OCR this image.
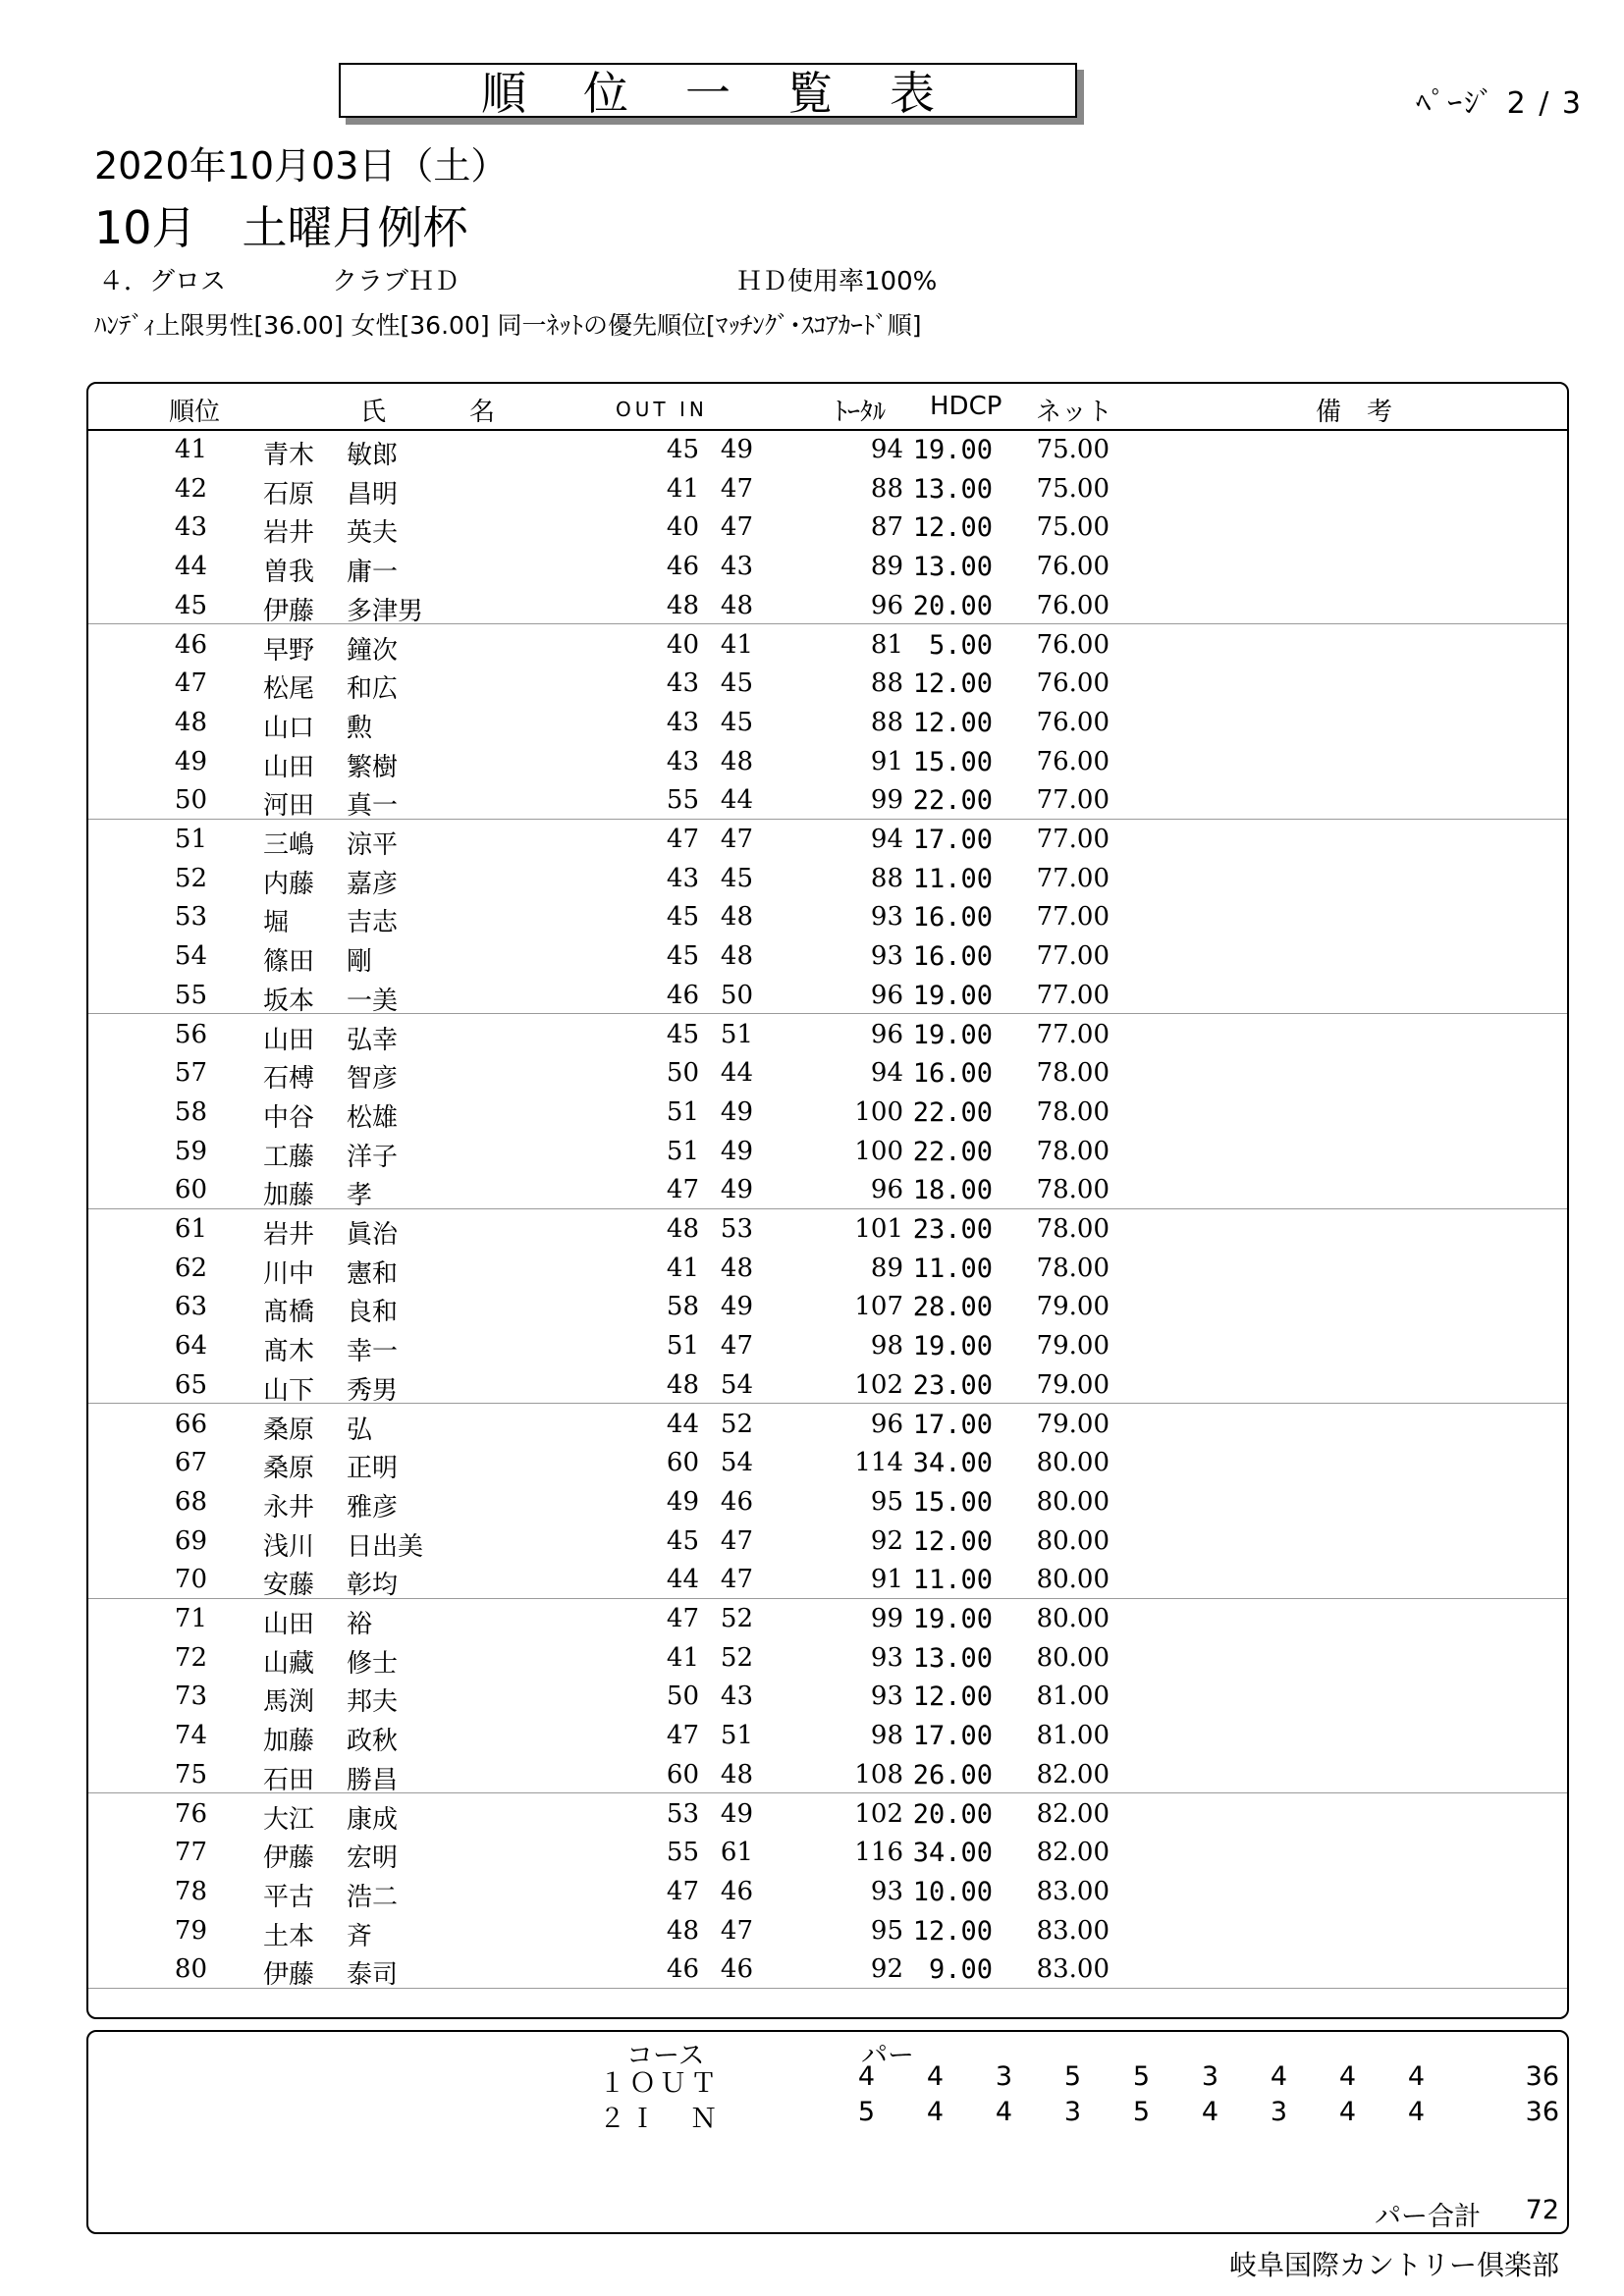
順位一覧表	ﾍﾟｰｼﾞ 2 / 3
2020年10月03日（土）
10月　土曜月例杯
４．グロス	クラブＨＤ	ＨＤ使用率100%
ﾊﾝﾃﾞｨ上限男性[36.00] 女性[36.00] 同一ﾈｯﾄの優先順位[ﾏｯﾁﾝｸﾞ･ｽｺｱｶｰﾄﾞ順]
順位	氏	名	OUT IN	ﾄｰﾀﾙ HDCP ネット	備　考
41 青木 敏郎	45 49	94 19.00 75.00
42 石原 昌明	41 47	88 13.00 75.00
43 岩井 英夫	40 47	87 12.00 75.00
44 曽我 庸一	46 43	89 13.00 76.00
45 伊藤 多津男	48 48	96 20.00 76.00
46 早野 鐘次	40 41	81 5.00 76.00
47 松尾 和広	43 45	88 12.00 76.00
48 山口 勲	43 45	88 12.00 76.00
49 山田 繁樹	43 48	91 15.00 76.00
50 河田 真一	55 44	99 22.00 77.00
51 三嶋 涼平	47 47	94 17.00 77.00
52 内藤 嘉彦	43 45	88 11.00 77.00
53 堀 吉志	45 48	93 16.00 77.00
54 篠田 剛	45 48	93 16.00 77.00
55 坂本 一美	46 50	96 19.00 77.00
56 山田 弘幸	45 51	96 19.00 77.00
57 石榑 智彦	50 44	94 16.00 78.00
58 中谷 松雄	51 49	100 22.00 78.00
59 工藤 洋子	51 49	100 22.00 78.00
60 加藤 孝	47 49	96 18.00 78.00
61 岩井 眞治	48 53	101 23.00 78.00
62 川中 憲和	41 48	89 11.00 78.00
63 髙橋 良和	58 49	107 28.00 79.00
64 髙木 幸一	51 47	98 19.00 79.00
65 山下 秀男	48 54	102 23.00 79.00
66 桑原 弘	44 52	96 17.00 79.00
67 桑原 正明	60 54	114 34.00 80.00
68 永井 雅彦	49 46	95 15.00 80.00
69 浅川 日出美	45 47	92 12.00 80.00
70 安藤 彰均	44 47	91 11.00 80.00
71 山田 裕	47 52	99 19.00 80.00
72 山藏 修士	41 52	93 13.00 80.00
73 馬渕 邦夫	50 43	93 12.00 81.00
74 加藤 政秋	47 51	98 17.00 81.00
75 石田 勝昌	60 48	108 26.00 82.00
76 大江 康成	53 49	102 20.00 82.00
77 伊藤 宏明	55 61	116 34.00 82.00
78 平古 浩二	47 46	93 10.00 83.00
79 土本 斉	48 47	95 12.00 83.00
80 伊藤 泰司	46 46	92 9.00 83.00
コース	パー
１ＯＵＴ	4	4	3	5	5	3	4	4	4	36
２Ｉ　Ｎ	5	4	4	3	5	4	3	4	4	36
パー合計 72
岐阜国際カントリー倶楽部
